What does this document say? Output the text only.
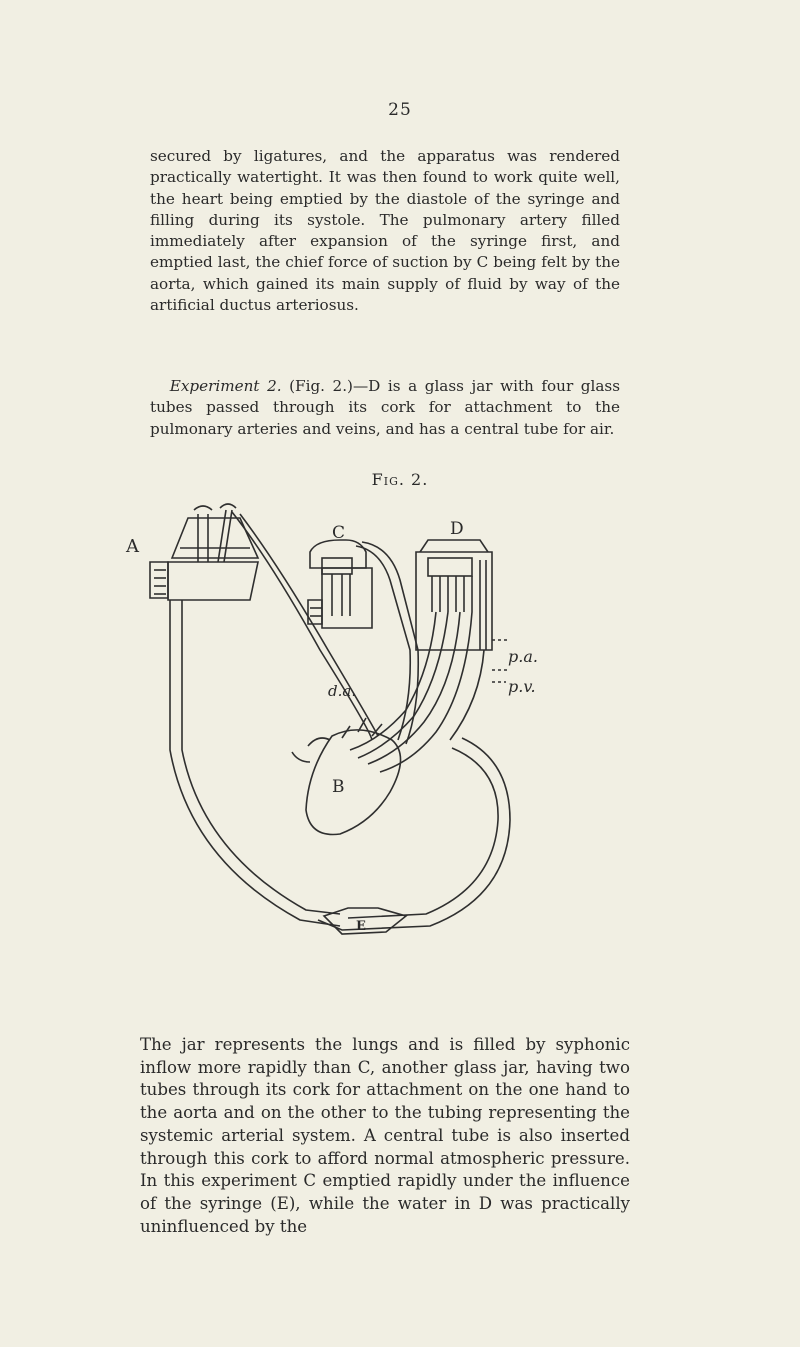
25

secured by ligatures, and the apparatus was rendered practically watertight. It was then found to work quite well, the heart being emptied by the diastole of the syringe and filling during its systole. The pulmonary artery filled immediately after expansion of the syringe first, and emptied last, the chief force of suction by C being felt by the aorta, which gained its main supply of fluid by way of the artificial ductus arteriosus.

Experiment 2. (Fig. 2.)—D is a glass jar with four glass tubes passed through its cork for attachment to the pulmonary arteries and veins, and has a central tube for air.

Fig. 2.
A
C	D
B
E
d.a.
p.a.
p.v.

The jar represents the lungs and is filled by syphonic inflow more rapidly than C, another glass jar, having two tubes through its cork for attachment on the one hand to the aorta and on the other to the tubing representing the systemic arterial system. A central tube is also inserted through this cork to afford normal atmospheric pressure. In this experiment C emptied rapidly under the influence of the syringe (E), while the water in D was practically uninfluenced by the
